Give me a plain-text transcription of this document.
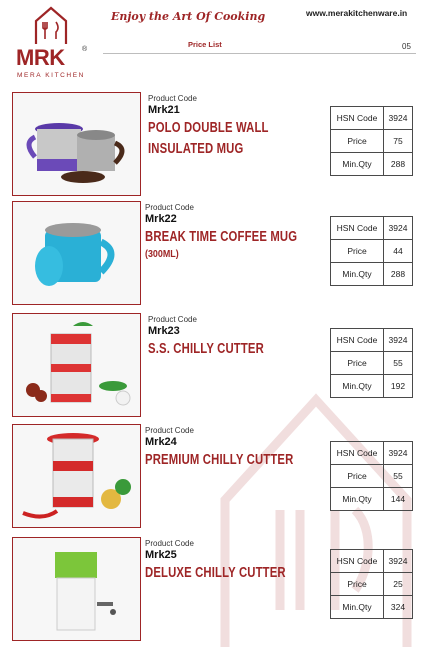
MRK ®
MERA KITCHEN
Enjoy the Art Of Cooking	www.merakitchenware.in
Price List	05
Product Code
Mrk21
POLO DOUBLE WALL
INSULATED MUG
HSN Code	3924
Price	75
Min.Qty	288
Product Code
Mrk22
BREAK TIME COFFEE MUG
(300ML)
HSN Code	3924
Price	44
Min.Qty	288
Product Code
Mrk23
S.S. CHILLY CUTTER
HSN Code	3924
Price	55
Min.Qty	192
Product Code
Mrk24
PREMIUM CHILLY CUTTER	HSN Code	3924
Price	55
Min.Qty	144
Product Code
Mrk25
DELUXE CHILLY CUTTER
HSN Code	3924
Price	25
Min.Qty	324
